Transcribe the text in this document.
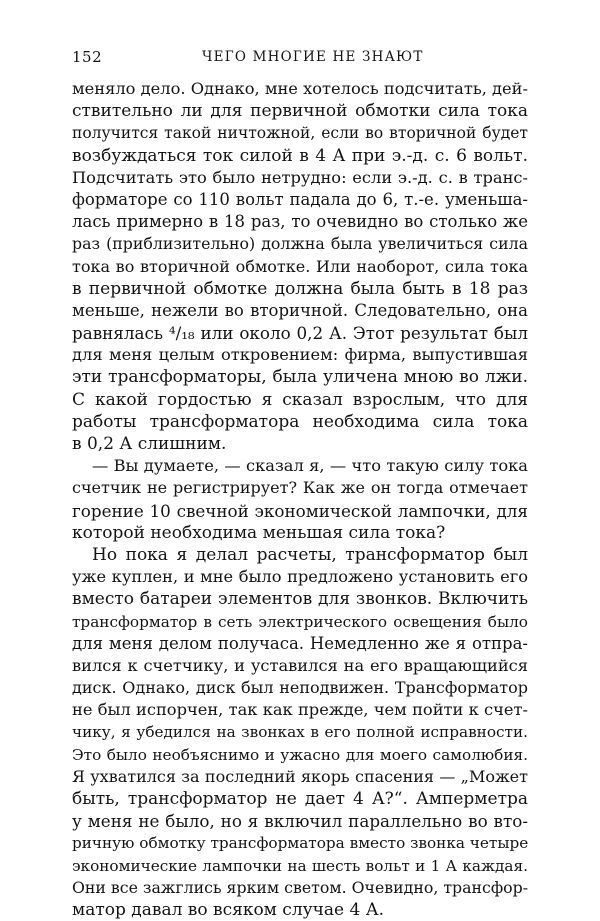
152	ЧЕГО МНОГИЕ НЕ ЗНАЮТ
меняло дело. Однако, мне хотелось подсчитать, дей-
ствительно ли для первичной обмотки сила тока
получится такой ничтожной, если во вторичной будет
возбуждаться ток силой в 4 А при э.-д. с. 6 вольт.
Подсчитать это было нетрудно: если э.-д. с. в транс-
форматоре со 110 вольт падала до 6, т.-е. уменьша-
лась примерно в 18 раз, то очевидно во столько же
раз (приблизительно) должна была увеличиться сила
тока во вторичной обмотке. Или наоборот, сила тока
в первичной обмотке должна была быть в 18 раз
меньше, нежели во вторичной. Следовательно, она
равнялась ⁴/₁₈ или около 0,2 А. Этот результат был
для меня целым откровением: фирма, выпустившая
эти трансформаторы, была уличена мною во лжи.
С какой гордостью я сказал взрослым, что для
работы трансформатора необходима сила тока
в 0,2 А слишним.
— Вы думаете, — сказал я, — что такую силу тока
счетчик не регистрирует? Как же он тогда отмечает
горение 10 свечной экономической лампочки, для
которой необходима меньшая сила тока?
Но пока я делал расчеты, трансформатор был
уже куплен, и мне было предложено установить его
вместо батареи элементов для звонков. Включить
трансформатор в сеть электрического освещения было
для меня делом получаса. Немедленно же я отпра-
вился к счетчику, и уставился на его вращающийся
диск. Однако, диск был неподвижен. Трансформатор
не был испорчен, так как прежде, чем пойти к счет-
чику, я убедился на звонках в его полной исправности.
Это было необъяснимо и ужасно для моего самолюбия.
Я ухватился за последний якорь спасения — „Может
быть, трансформатор не дает 4 А?“. Амперметра
у меня не было, но я включил параллельно во вто-
ричную обмотку трансформатора вместо звонка четыре
экономические лампочки на шесть вольт и 1 А каждая.
Они все зажглись ярким светом. Очевидно, трансфор-
матор давал во всяком случае 4 А.
